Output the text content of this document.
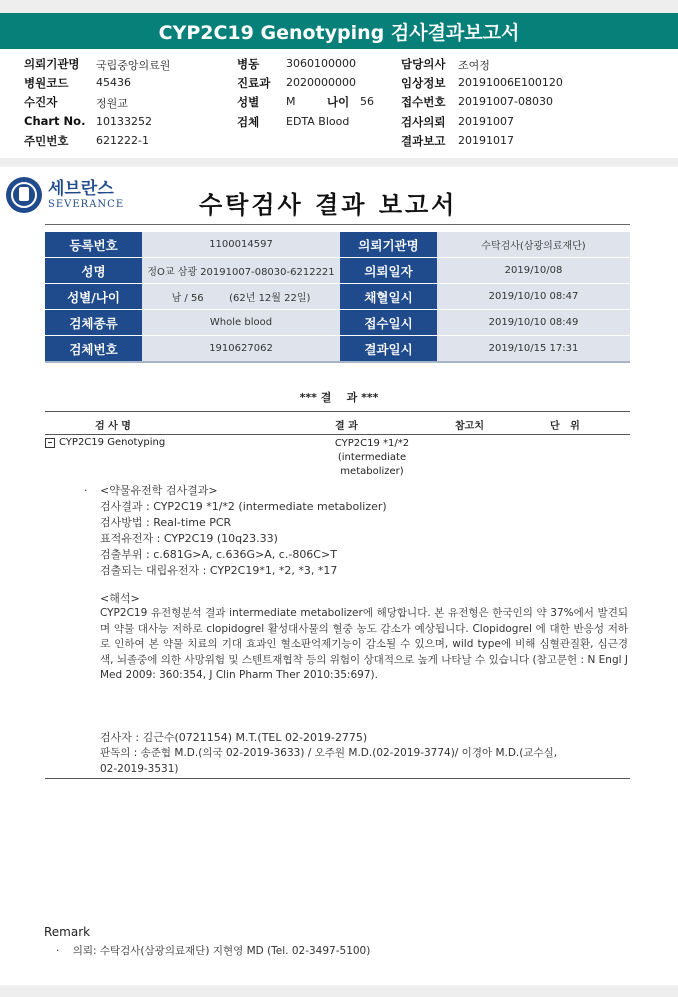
CYP2C19 Genotyping 검사결과보고서
의뢰기관명 국립중앙의료원
병원코드	45436
수진자	정원교
Chart No. 10133252
주민번호	621222-1
병동 3060100000
진료과 2020000000
성별 M	나이 56
검체 EDTA Blood
담당의사 조여정
임상정보 20191006E100120
접수번호 20191007-08030
검사의뢰 20191007
결과보고 20191017
세브란스
SEVERANCE	수탁검사 결과 보고서
등록번호	1100014597	의뢰기관명	수탁검사(삼광의료재단)
성명	정O교 삼광 20191007-08030-6212221	의뢰일자	2019/10/08
성별/나이	남 / 56        (62년 12월 22일)	채혈일시	2019/10/10 08:47
검체종류	Whole blood	접수일시	2019/10/10 08:49
검체번호	1910627062	결과일시	2019/10/15 17:31
*** 결    과 ***
검 사 명	결 과	참고치	단   위
CYP2C19 Genotyping	CYP2C19 *1/*2
(intermediate
metabolizer)
· <약물유전학 검사결과>
검사결과 : CYP2C19 *1/*2 (intermediate metabolizer)
검사방법 : Real-time PCR
표적유전자 : CYP2C19 (10q23.33)
검출부위 : c.681G>A, c.636G>A, c.-806C>T
검출되는 대립유전자 : CYP2C19*1, *2, *3, *17
<해석>
CYP2C19 유전형분석 결과 intermediate metabolizer에 해당합니다. 본 유전형은 한국인의 약 37%에서 발견되며 약물 대사능 저하로 clopidogrel 활성대사물의 혈중 농도 감소가 예상됩니다. Clopidogrel 에 대한 반응성 저하로 인하여 본 약물 치료의 기대 효과인 혈소판억제기능이 감소될 수 있으며, wild type에 비해 심혈관질환, 심근경색, 뇌졸중에 의한 사망위험 및 스텐트재협착 등의 위험이 상대적으로 높게 나타날 수 있습니다 (참고문헌 : N Engl J Med 2009: 360:354, J Clin Pharm Ther 2010:35:697).
검사자 : 김근수(0721154) M.T.(TEL 02-2019-2775)
판독의 : 송준협 M.D.(의국 02-2019-3633) / 오주원 M.D.(02-2019-3774)/ 이경아 M.D.(교수실,
02-2019-3531)
Remark
·    의뢰: 수탁검사(삼광의료재단) 지현영 MD (Tel. 02-3497-5100)
